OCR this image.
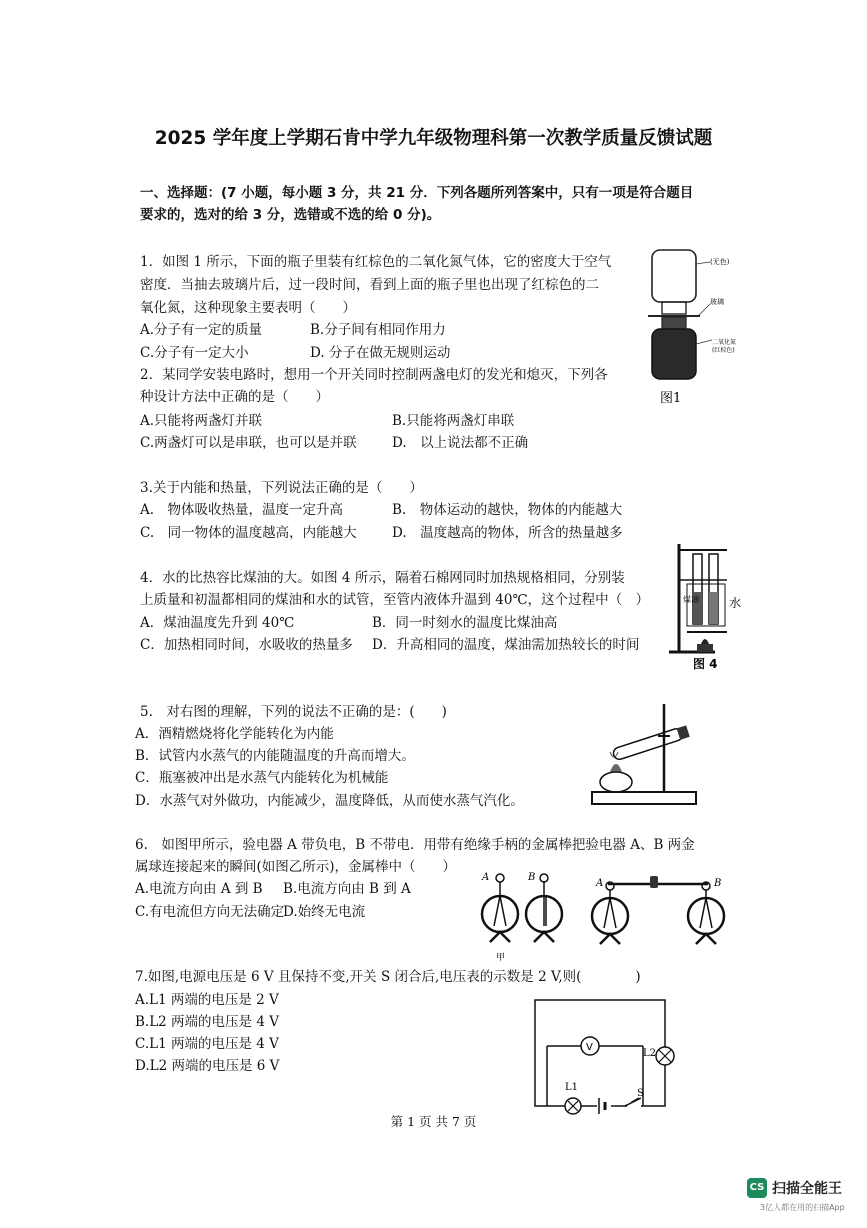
2025 学年度上学期石肯中学九年级物理科第一次教学质量反馈试题
一、选择题：(7 小题，每小题 3 分，共 21 分．下列各题所列答案中，只有一项是符合题目
要求的，选对的给 3 分，选错或不选的给 0 分)。
1．如图 1 所示，下面的瓶子里装有红棕色的二氧化氮气体，它的密度大于空气
密度．当抽去玻璃片后，过一段时间，看到上面的瓶子里也出现了红棕色的二
氧化氮，这种现象主要表明（　　）
A.分子有一定的质量	B.分子间有相同作用力
C.分子有一定大小	D. 分子在做无规则运动
2．某同学安装电路时，想用一个开关同时控制两盏电灯的发光和熄灭，下列各
种设计方法中正确的是（　　）
A.只能将两盏灯并联	B.只能将两盏灯串联
C.两盏灯可以是串联，也可以是并联	D.　以上说法都不正确
(无色)
玻璃
二氧化氮
(红棕色)
图1
3.关于内能和热量，下列说法正确的是（　　）
A.　物体吸收热量，温度一定升高	B.　物体运动的越快，物体的内能越大
C.　同一物体的温度越高，内能越大	D.　温度越高的物体，所含的热量越多
4．水的比热容比煤油的大。如图 4 所示，隔着石棉网同时加热规格相同，分别装
上质量和初温都相同的煤油和水的试管，至管内液体升温到 40℃，这个过程中（　）
A．煤油温度先升到 40℃	B．同一时刻水的温度比煤油高
C．加热相同时间，水吸收的热量多 D．升高相同的温度，煤油需加热较长的时间
煤油	水
图 4
5.　对右图的理解，下列的说法不正确的是：(　　)
A．酒精燃烧将化学能转化为内能
B．试管内水蒸气的内能随温度的升高而增大。
C．瓶塞被冲出是水蒸气内能转化为机械能
D．水蒸气对外做功，内能减少，温度降低，从而使水蒸气汽化。
6.　如图甲所示，验电器 A 带负电，B 不带电．用带有绝缘手柄的金属棒把验电器 A、B 两金
属球连接起来的瞬间(如图乙所示)，金属棒中（　　）
A.电流方向由 A 到 B B.电流方向由 B 到 A
C.有电流但方向无法确定
D.始终无电流
A	B
甲
A	B
7.如图,电源电压是 6 V 且保持不变,开关 S 闭合后,电压表的示数是 2 V,则(　　　　)
A.L1 两端的电压是 2 V
B.L2 两端的电压是 4 V
C.L1 两端的电压是 4 V
D.L2 两端的电压是 6 V
V
L2
L1
S
第 1 页 共 7 页
CS 扫描全能王
3亿人都在用的扫描App
